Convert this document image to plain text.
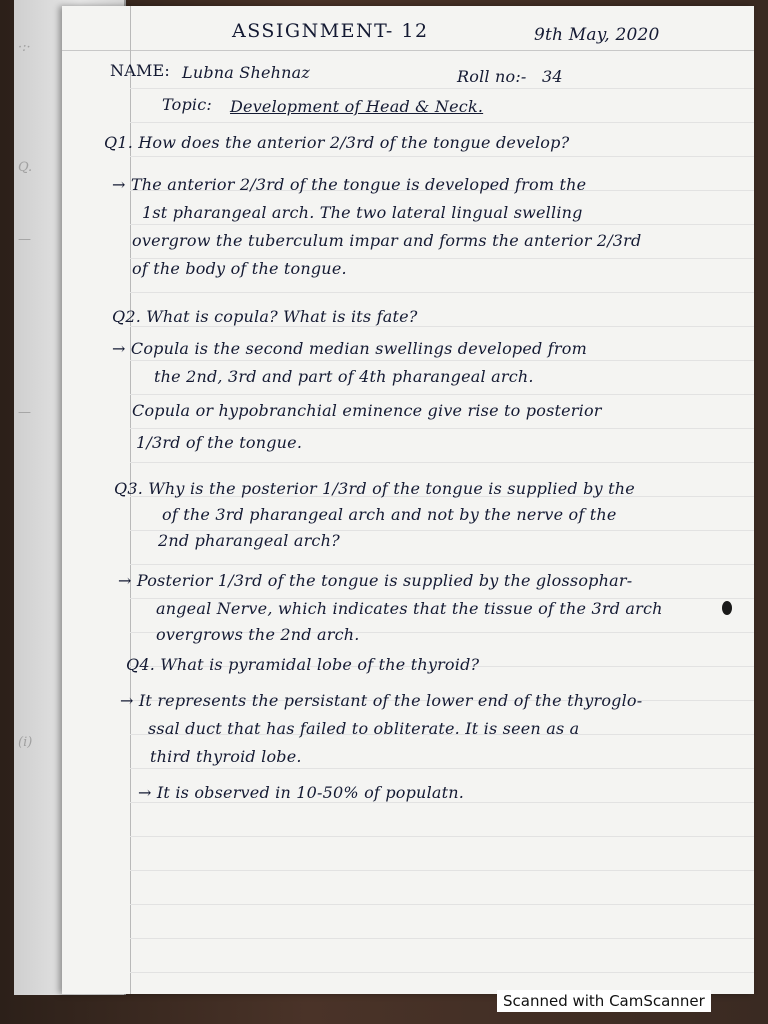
·:·
Q.
—
—
(i)
ASSIGNMENT- 12	9th May, 2020
NAME: Lubna Shehnaz	Roll no:- 34
Topic: Development of Head & Neck.
Q1. How does the anterior 2/3rd of the tongue develop?
→ The anterior 2/3rd of the tongue is developed from the
1st pharangeal arch. The two lateral lingual swelling
overgrow the tuberculum impar and forms the anterior 2/3rd
of the body of the tongue.
Q2. What is copula? What is its fate?
→ Copula is the second median swellings developed from
the 2nd, 3rd and part of 4th pharangeal arch.
Copula or hypobranchial eminence give rise to posterior
1/3rd of the tongue.
Q3. Why is the posterior 1/3rd of the tongue is supplied by the
of the 3rd pharangeal arch and not by the nerve of the
2nd pharangeal arch?
→ Posterior 1/3rd of the tongue is supplied by the glossophar-
angeal Nerve, which indicates that the tissue of the 3rd arch
overgrows the 2nd arch.
Q4. What is pyramidal lobe of the thyroid?
→ It represents the persistant of the lower end of the thyroglo-
ssal duct that has failed to obliterate. It is seen as a
third thyroid lobe.
→ It is observed in 10-50% of populatn.
Scanned with CamScanner
